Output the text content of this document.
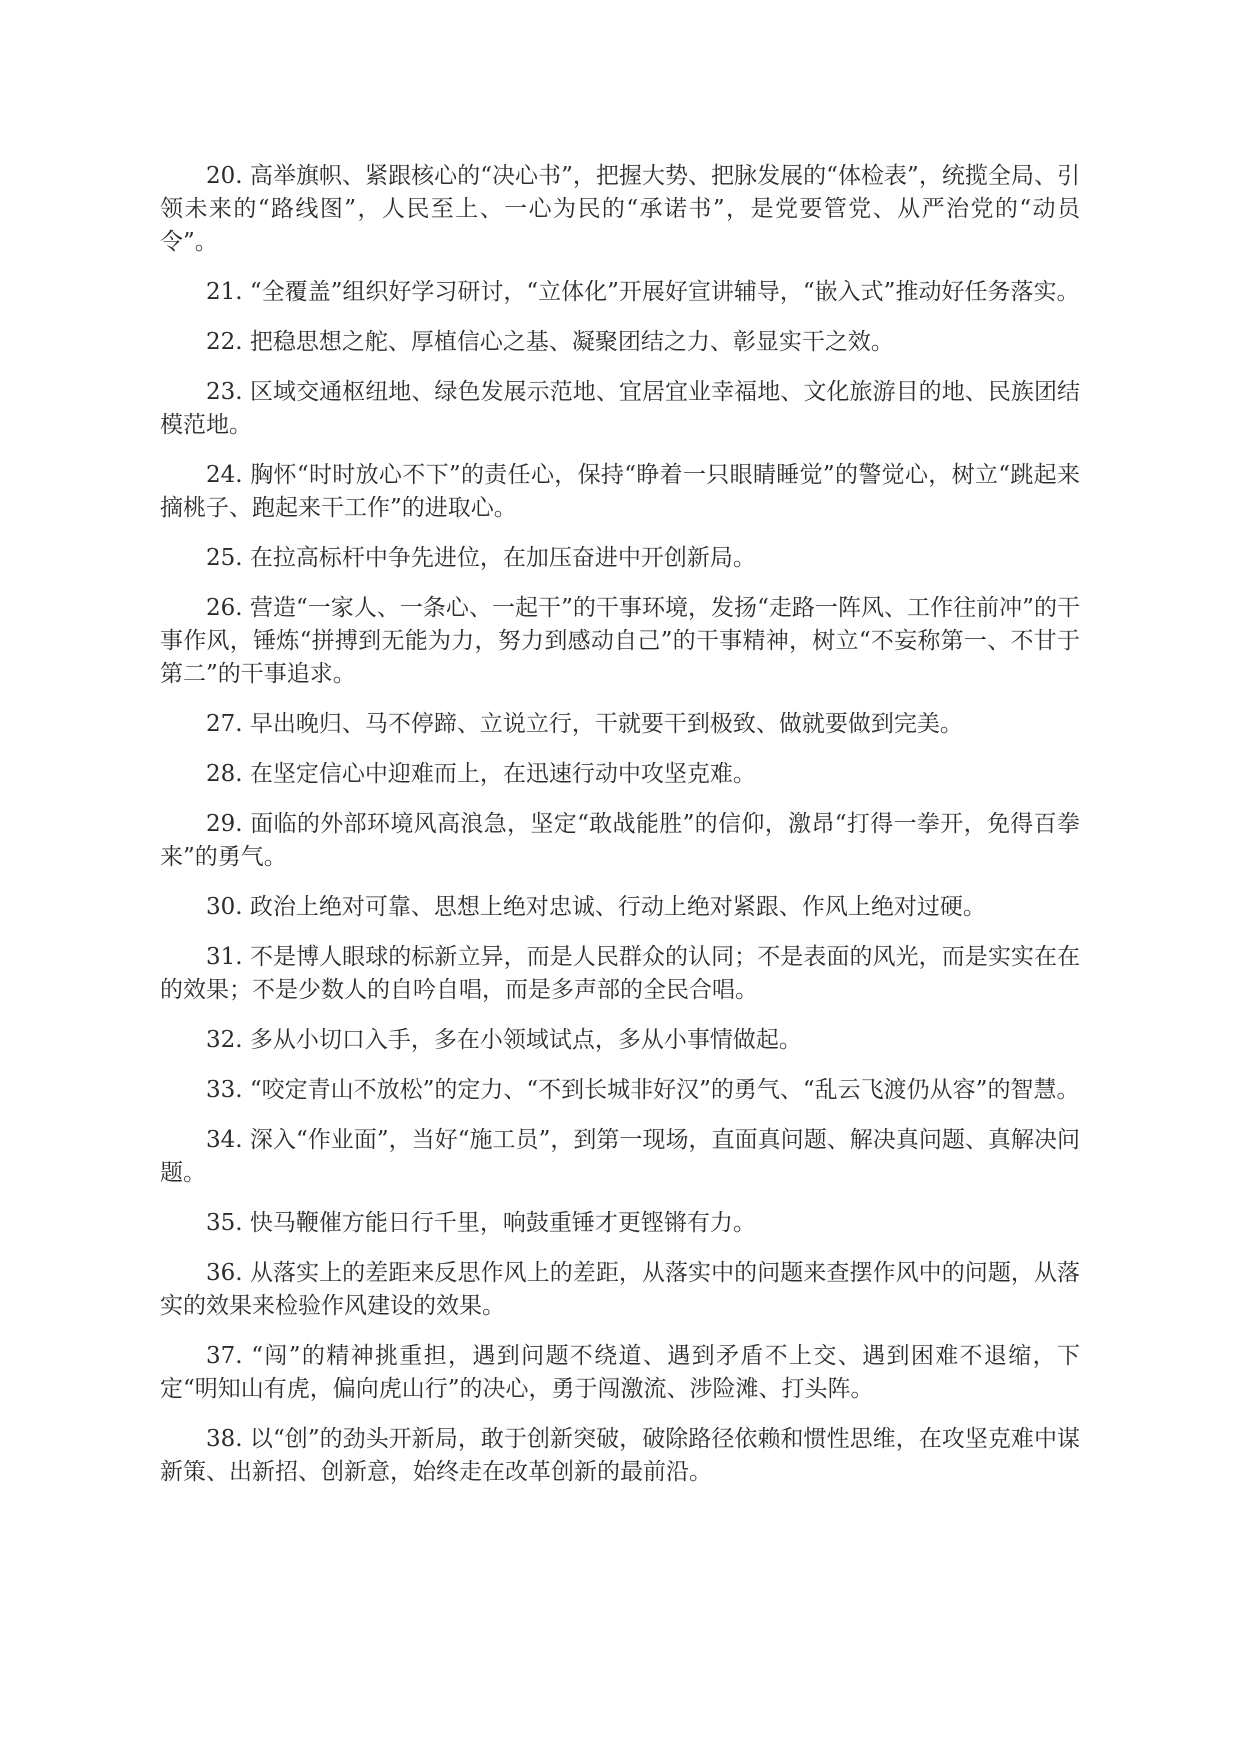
20. 高举旗帜、紧跟核心的“决心书”，把握大势、把脉发展的“体检表”，统揽全局、引领未来的“路线图”，人民至上、一心为民的“承诺书”，是党要管党、从严治党的“动员令”。

21. “全覆盖”组织好学习研讨，“立体化”开展好宣讲辅导，“嵌入式”推动好任务落实。

22. 把稳思想之舵、厚植信心之基、凝聚团结之力、彰显实干之效。

23. 区域交通枢纽地、绿色发展示范地、宜居宜业幸福地、文化旅游目的地、民族团结模范地。

24. 胸怀“时时放心不下”的责任心，保持“睁着一只眼睛睡觉”的警觉心，树立“跳起来摘桃子、跑起来干工作”的进取心。

25. 在拉高标杆中争先进位，在加压奋进中开创新局。

26. 营造“一家人、一条心、一起干”的干事环境，发扬“走路一阵风、工作往前冲”的干事作风，锤炼“拼搏到无能为力，努力到感动自己”的干事精神，树立“不妄称第一、不甘于第二”的干事追求。

27. 早出晚归、马不停蹄、立说立行，干就要干到极致、做就要做到完美。

28. 在坚定信心中迎难而上，在迅速行动中攻坚克难。

29. 面临的外部环境风高浪急，坚定“敢战能胜”的信仰，激昂“打得一拳开，免得百拳来”的勇气。

30. 政治上绝对可靠、思想上绝对忠诚、行动上绝对紧跟、作风上绝对过硬。

31. 不是博人眼球的标新立异，而是人民群众的认同；不是表面的风光，而是实实在在的效果；不是少数人的自吟自唱，而是多声部的全民合唱。

32. 多从小切口入手，多在小领域试点，多从小事情做起。

33. “咬定青山不放松”的定力、“不到长城非好汉”的勇气、“乱云飞渡仍从容”的智慧。

34. 深入“作业面”，当好“施工员”，到第一现场，直面真问题、解决真问题、真解决问题。

35. 快马鞭催方能日行千里，响鼓重锤才更铿锵有力。

36. 从落实上的差距来反思作风上的差距，从落实中的问题来查摆作风中的问题，从落实的效果来检验作风建设的效果。

37. “闯”的精神挑重担，遇到问题不绕道、遇到矛盾不上交、遇到困难不退缩，下定“明知山有虎，偏向虎山行”的决心，勇于闯激流、涉险滩、打头阵。

38. 以“创”的劲头开新局，敢于创新突破，破除路径依赖和惯性思维，在攻坚克难中谋新策、出新招、创新意，始终走在改革创新的最前沿。
